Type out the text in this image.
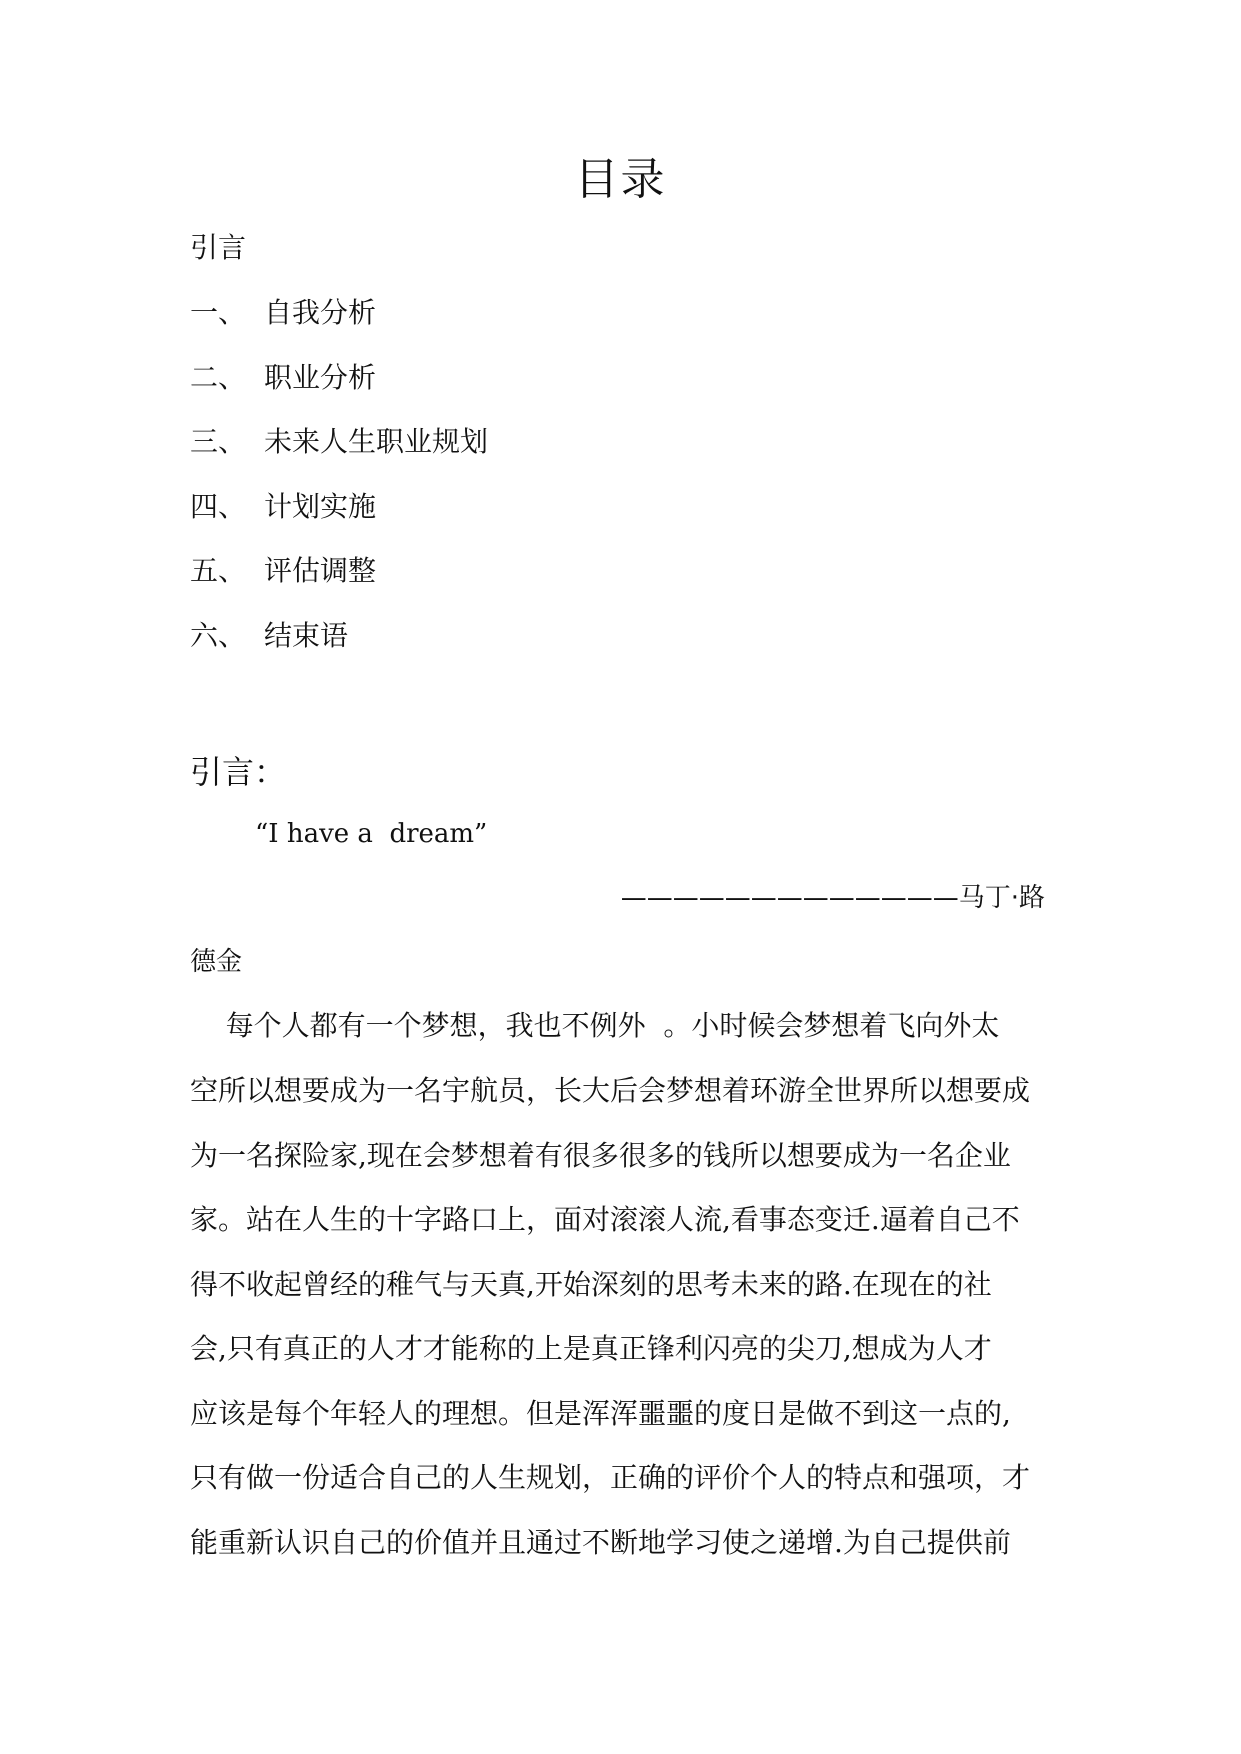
目录
引言
一、 自我分析
二、 职业分析
三、 未来人生职业规划
四、 计划实施
五、 评估调整
六、 结束语
引言：
“I have a  dream”
—————————————马丁·路
德金
每个人都有一个梦想，我也不例外  。小时候会梦想着飞向外太
空所以想要成为一名宇航员，长大后会梦想着环游全世界所以想要成
为一名探险家,现在会梦想着有很多很多的钱所以想要成为一名企业
家。站在人生的十字路口上，面对滚滚人流,看事态变迁.逼着自己不
得不收起曾经的稚气与天真,开始深刻的思考未来的路.在现在的社
会,只有真正的人才才能称的上是真正锋利闪亮的尖刀,想成为人才
应该是每个年轻人的理想。但是浑浑噩噩的度日是做不到这一点的,
只有做一份适合自己的人生规划，正确的评价个人的特点和强项，才
能重新认识自己的价值并且通过不断地学习使之递增.为自己提供前
